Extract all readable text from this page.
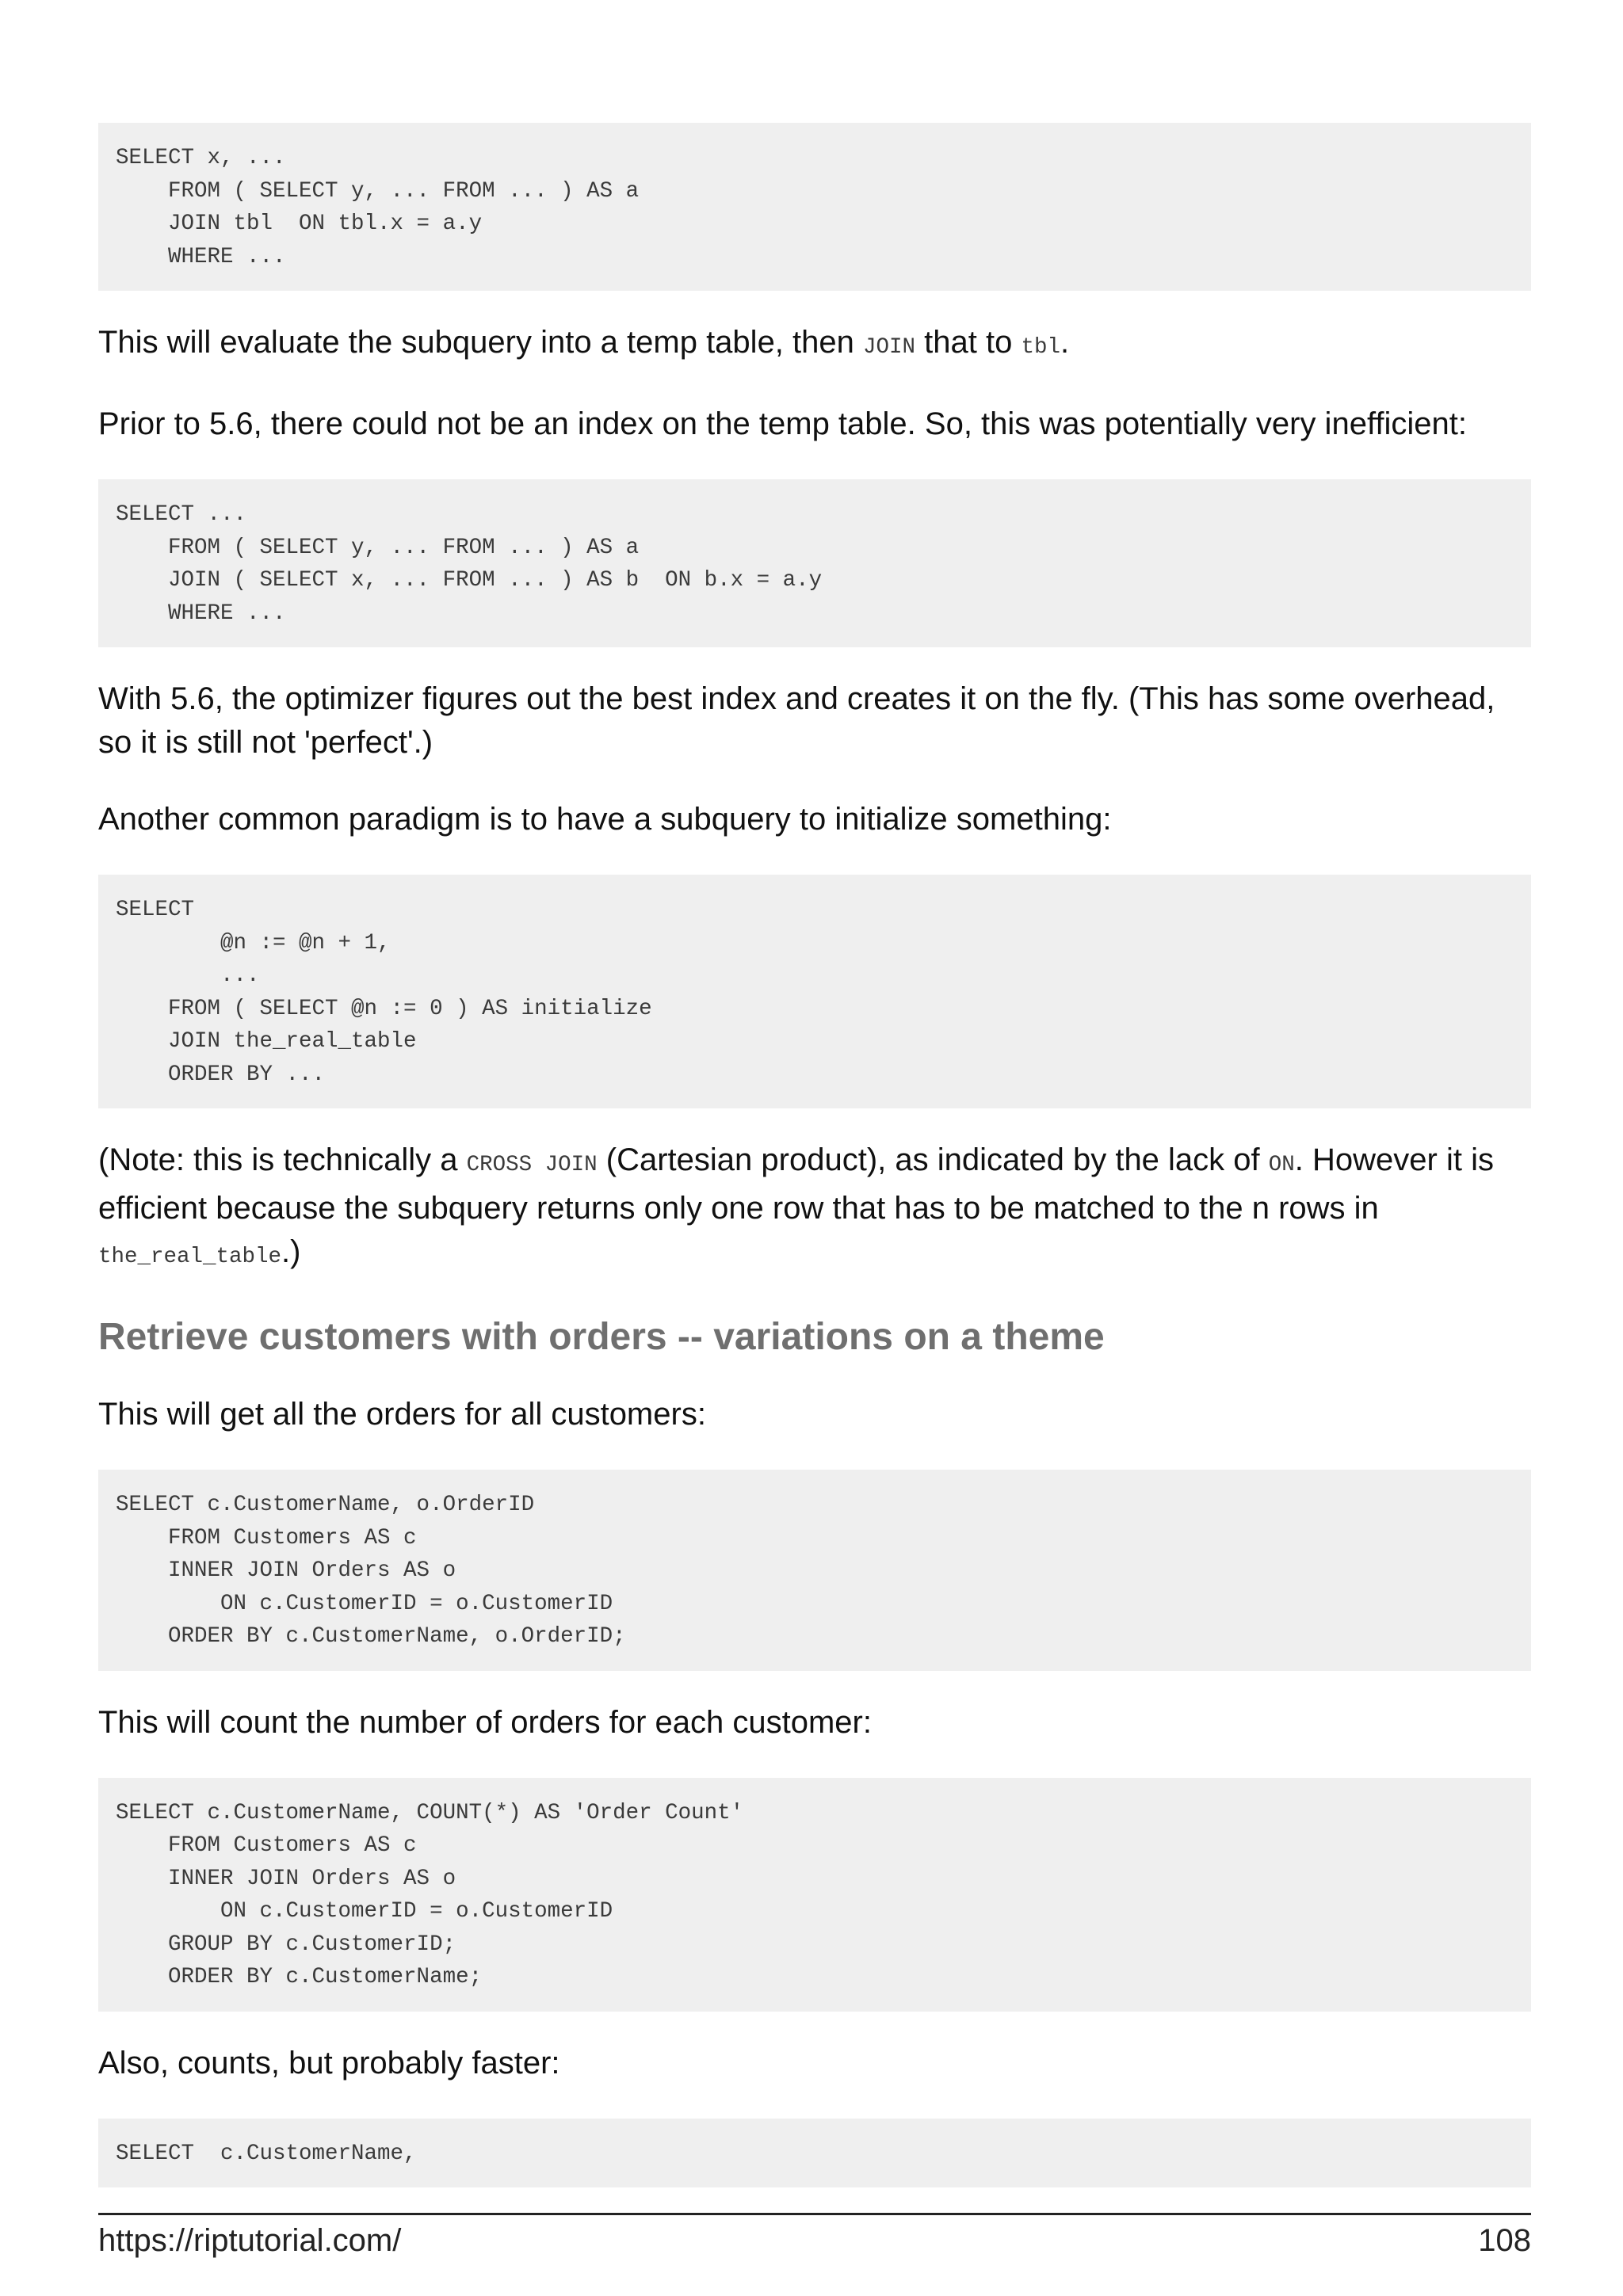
SELECT x, ...
FROM ( SELECT y, ... FROM ... ) AS a
JOIN tbl  ON tbl.x = a.y
WHERE ...

This will evaluate the subquery into a temp table, then JOIN that to tbl.

Prior to 5.6, there could not be an index on the temp table. So, this was potentially very inefficient:

SELECT ...
FROM ( SELECT y, ... FROM ... ) AS a
JOIN ( SELECT x, ... FROM ... ) AS b  ON b.x = a.y
WHERE ...

With 5.6, the optimizer figures out the best index and creates it on the fly. (This has some overhead, so it is still not 'perfect'.)

Another common paradigm is to have a subquery to initialize something:

SELECT
@n := @n + 1,
...
FROM ( SELECT @n := 0 ) AS initialize
JOIN the_real_table
ORDER BY ...

(Note: this is technically a CROSS JOIN (Cartesian product), as indicated by the lack of ON. However it is efficient because the subquery returns only one row that has to be matched to the n rows in the_real_table.)

Retrieve customers with orders -- variations on a theme

This will get all the orders for all customers:

SELECT c.CustomerName, o.OrderID
FROM Customers AS c
INNER JOIN Orders AS o
ON c.CustomerID = o.CustomerID
ORDER BY c.CustomerName, o.OrderID;

This will count the number of orders for each customer:

SELECT c.CustomerName, COUNT(*) AS 'Order Count'
FROM Customers AS c
INNER JOIN Orders AS o
ON c.CustomerID = o.CustomerID
GROUP BY c.CustomerID;
ORDER BY c.CustomerName;

Also, counts, but probably faster:

SELECT  c.CustomerName,
https://riptutorial.com/	108
